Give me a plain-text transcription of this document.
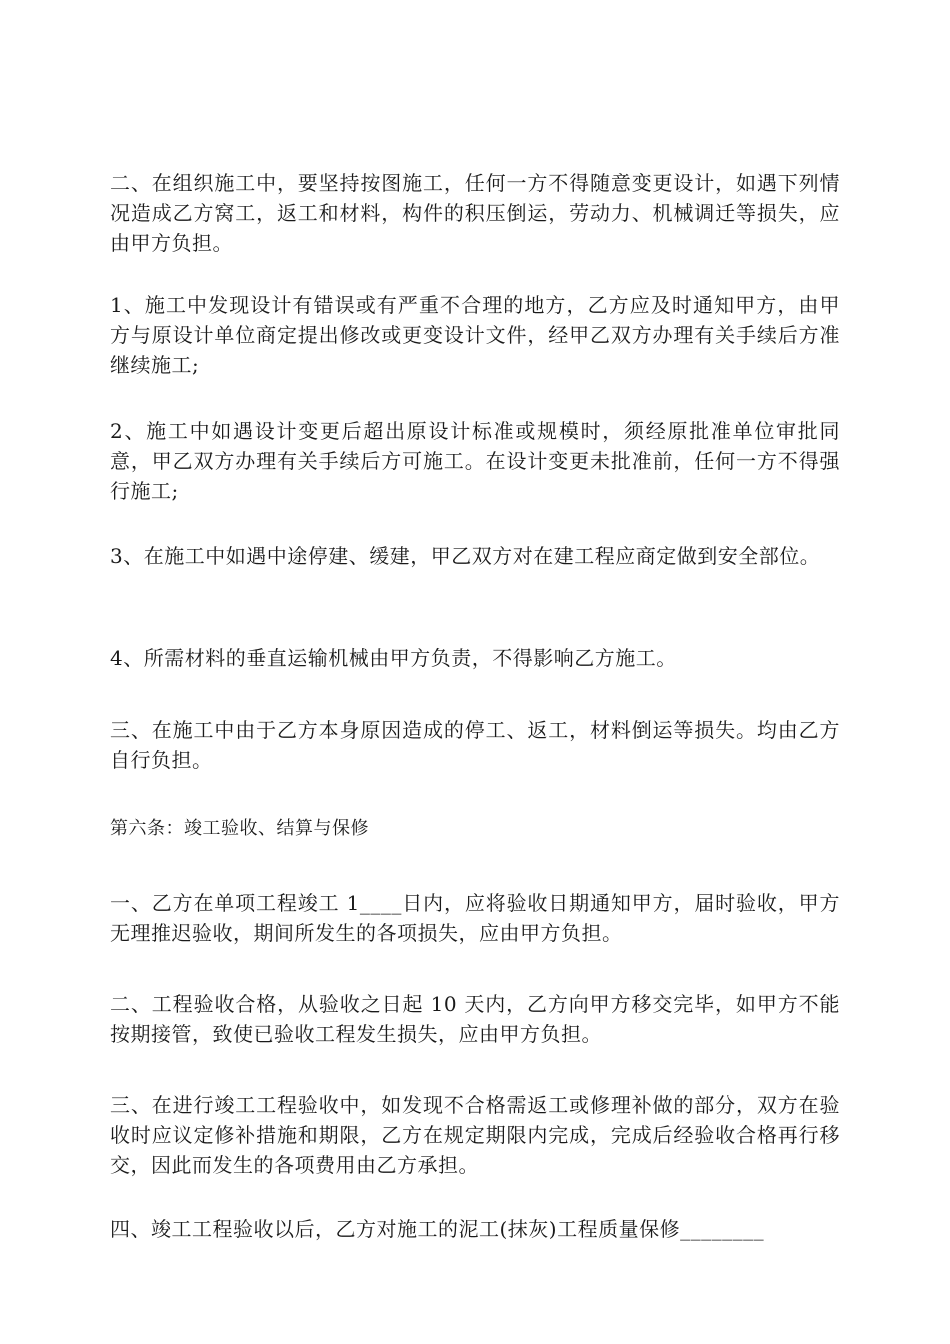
二、在组织施工中，要坚持按图施工，任何一方不得随意变更设计，如遇下列情况造成乙方窝工，返工和材料，构件的积压倒运，劳动力、机械调迁等损失，应由甲方负担。

1、施工中发现设计有错误或有严重不合理的地方，乙方应及时通知甲方，由甲方与原设计单位商定提出修改或更变设计文件，经甲乙双方办理有关手续后方准继续施工;

2、施工中如遇设计变更后超出原设计标准或规模时，须经原批准单位审批同意，甲乙双方办理有关手续后方可施工。在设计变更未批准前，任何一方不得强行施工;

3、在施工中如遇中途停建、缓建，甲乙双方对在建工程应商定做到安全部位。

4、所需材料的垂直运输机械由甲方负责，不得影响乙方施工。

三、在施工中由于乙方本身原因造成的停工、返工，材料倒运等损失。均由乙方自行负担。

第六条：竣工验收、结算与保修

一、乙方在单项工程竣工 1____日内，应将验收日期通知甲方，届时验收，甲方无理推迟验收，期间所发生的各项损失，应由甲方负担。

二、工程验收合格，从验收之日起 10 天内，乙方向甲方移交完毕，如甲方不能按期接管，致使已验收工程发生损失，应由甲方负担。

三、在进行竣工工程验收中，如发现不合格需返工或修理补做的部分，双方在验收时应议定修补措施和期限，乙方在规定期限内完成，完成后经验收合格再行移交，因此而发生的各项费用由乙方承担。

四、竣工工程验收以后，乙方对施工的泥工(抹灰)工程质量保修________
